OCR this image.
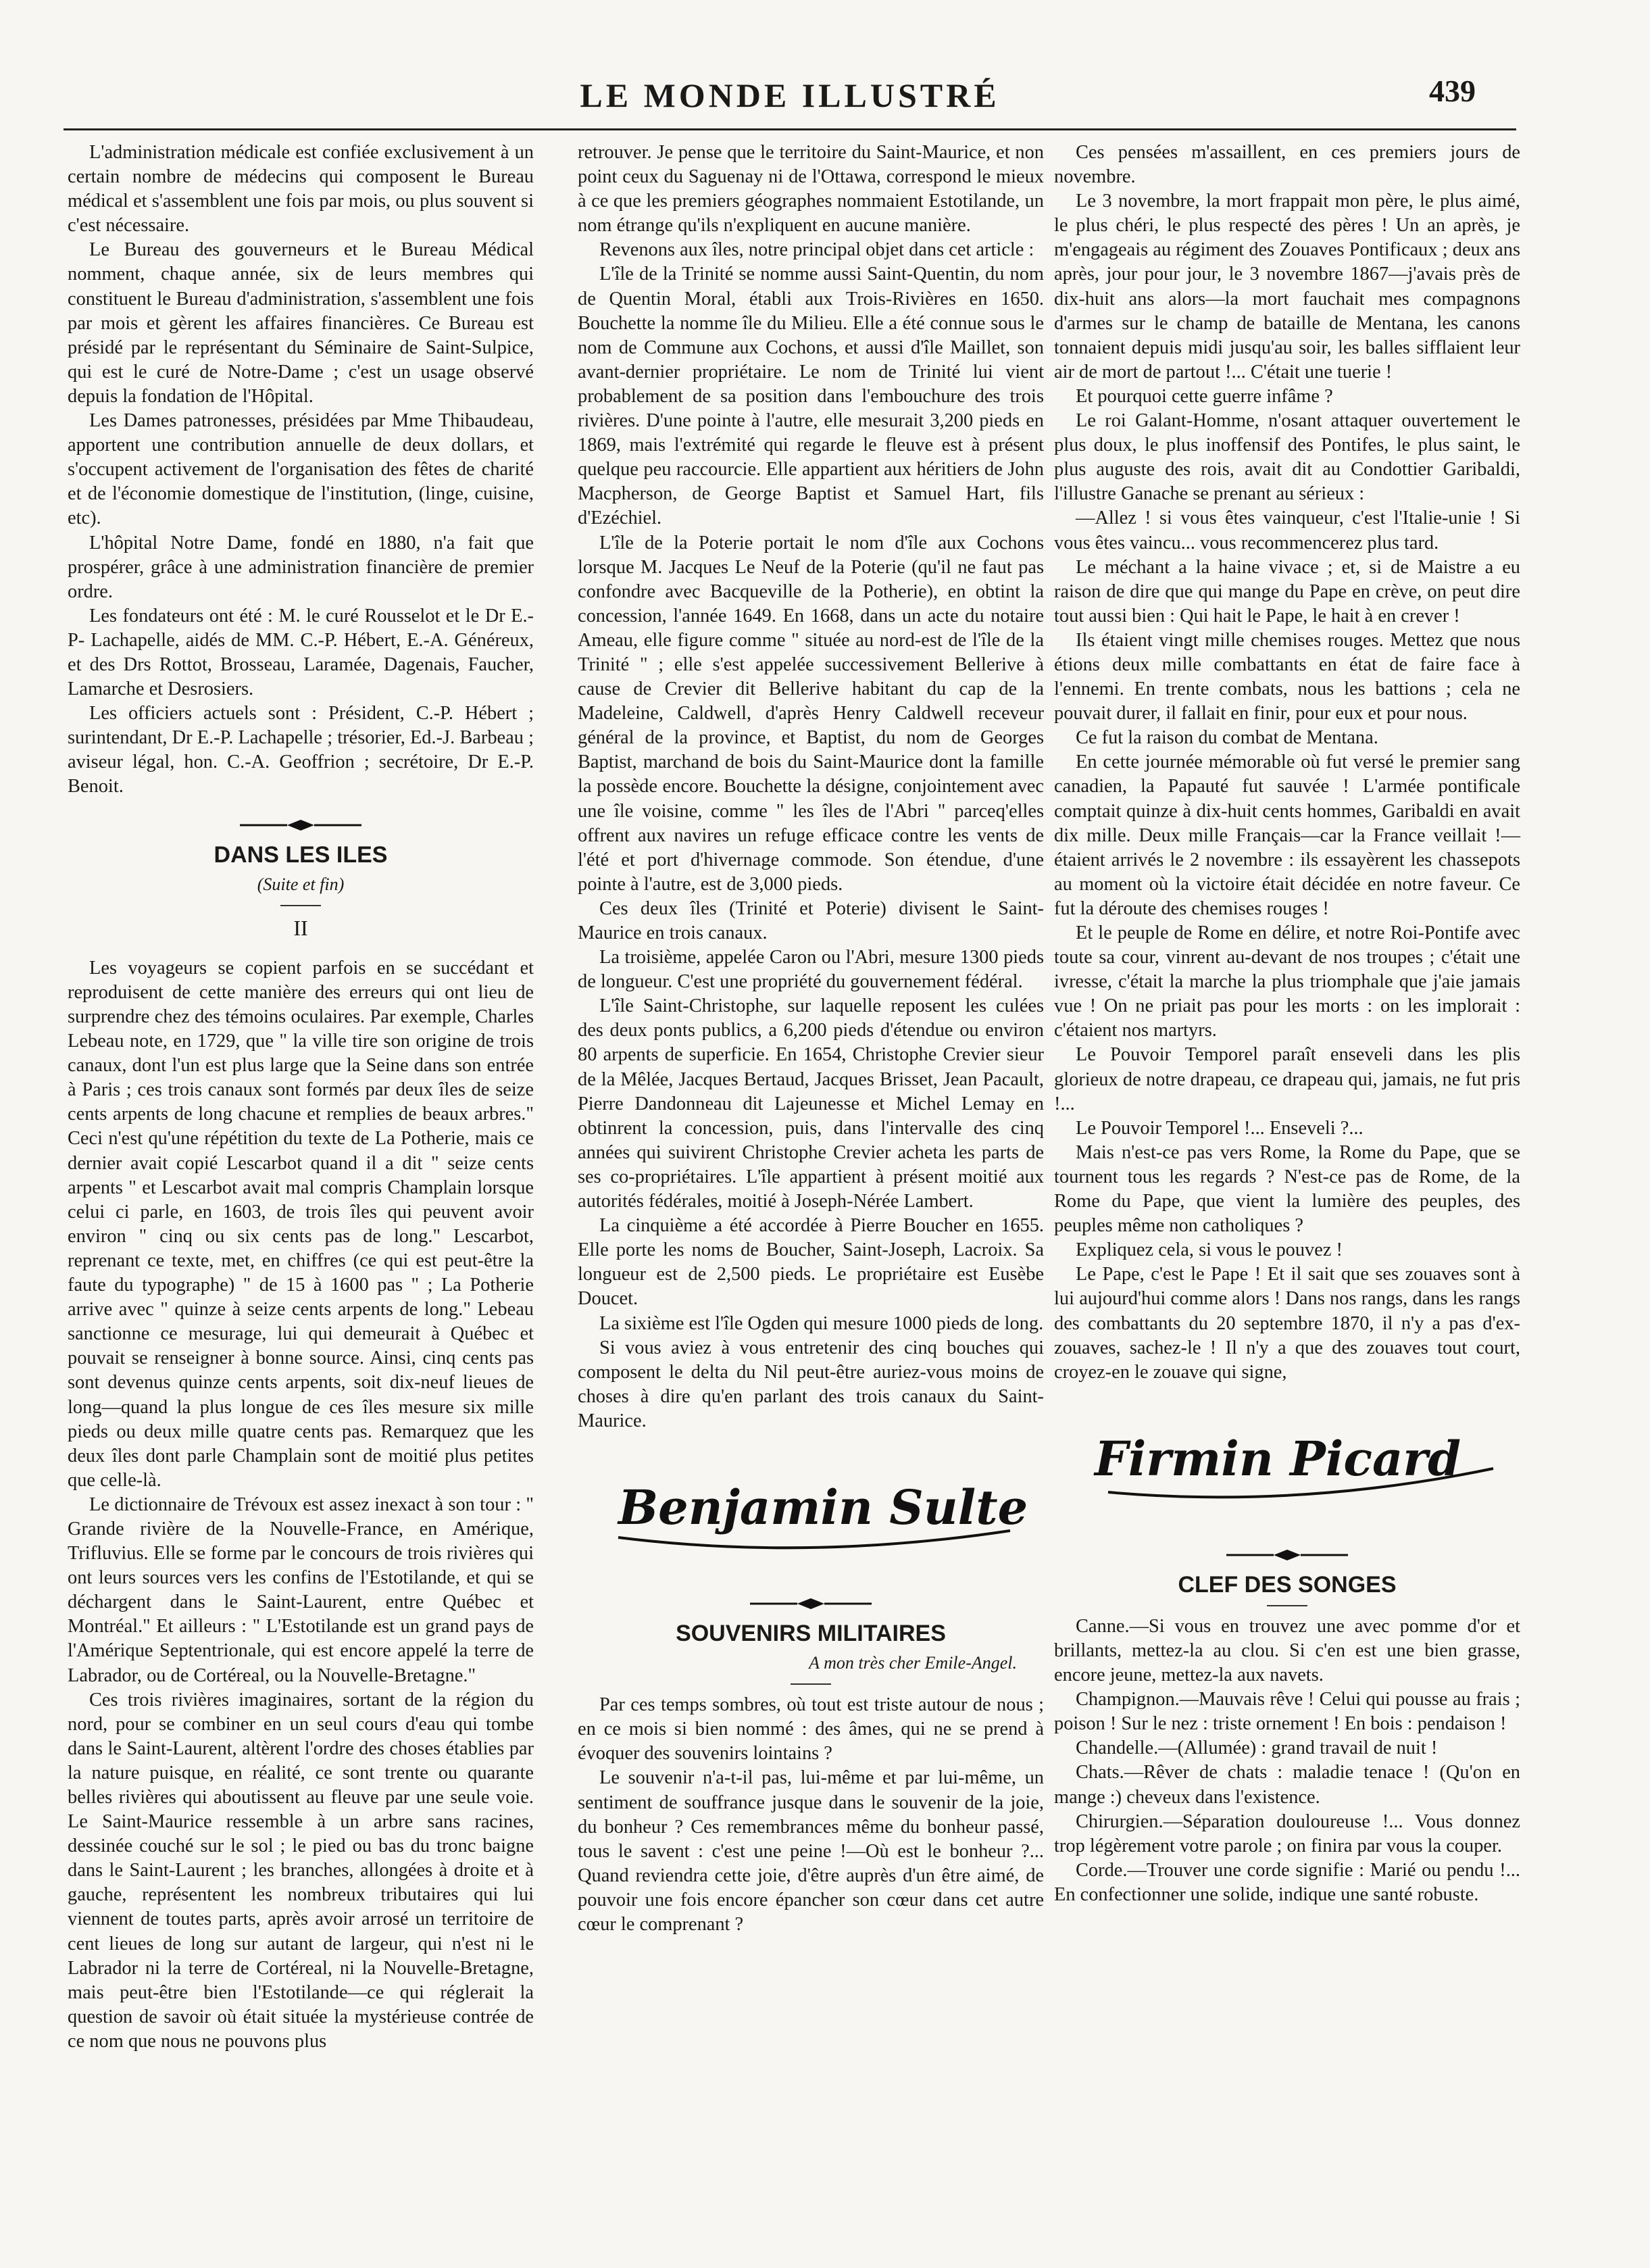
LE MONDE ILLUSTRÉ	439

L'administration médicale est confiée exclusivement à un certain nombre de médecins qui composent le Bureau médical et s'assemblent une fois par mois, ou plus souvent si c'est nécessaire.

Le Bureau des gouverneurs et le Bureau Médical nomment, chaque année, six de leurs membres qui constituent le Bureau d'administration, s'assemblent une fois par mois et gèrent les affaires financières. Ce Bureau est présidé par le représentant du Séminaire de Saint-Sulpice, qui est le curé de Notre-Dame ; c'est un usage observé depuis la fondation de l'Hôpital.

Les Dames patronesses, présidées par Mme Thibaudeau, apportent une contribution annuelle de deux dollars, et s'occupent activement de l'organisation des fêtes de charité et de l'économie domestique de l'institution, (linge, cuisine, etc).

L'hôpital Notre Dame, fondé en 1880, n'a fait que prospérer, grâce à une administration financière de premier ordre.

Les fondateurs ont été : M. le curé Rousselot et le Dr E.-P- Lachapelle, aidés de MM. C.-P. Hébert, E.-A. Généreux, et des Drs Rottot, Brosseau, Laramée, Dagenais, Faucher, Lamarche et Desrosiers.

Les officiers actuels sont : Président, C.-P. Hébert ; surintendant, Dr E.-P. Lachapelle ; trésorier, Ed.-J. Barbeau ; aviseur légal, hon. C.-A. Geoffrion ; secrétoire, Dr E.-P. Benoit.

DANS LES ILES
(Suite et fin)
II

Les voyageurs se copient parfois en se succédant et reproduisent de cette manière des erreurs qui ont lieu de surprendre chez des témoins oculaires. Par exemple, Charles Lebeau note, en 1729, que " la ville tire son origine de trois canaux, dont l'un est plus large que la Seine dans son entrée à Paris ; ces trois canaux sont formés par deux îles de seize cents arpents de long chacune et remplies de beaux arbres." Ceci n'est qu'une répétition du texte de La Potherie, mais ce dernier avait copié Lescarbot quand il a dit " seize cents arpents " et Lescarbot avait mal compris Champlain lorsque celui ci parle, en 1603, de trois îles qui peuvent avoir environ " cinq ou six cents pas de long." Lescarbot, reprenant ce texte, met, en chiffres (ce qui est peut-être la faute du typographe) " de 15 à 1600 pas " ; La Potherie arrive avec " quinze à seize cents arpents de long." Lebeau sanctionne ce mesurage, lui qui demeurait à Québec et pouvait se renseigner à bonne source. Ainsi, cinq cents pas sont devenus quinze cents arpents, soit dix-neuf lieues de long—quand la plus longue de ces îles mesure six mille pieds ou deux mille quatre cents pas. Remarquez que les deux îles dont parle Champlain sont de moitié plus petites que celle-là.

Le dictionnaire de Trévoux est assez inexact à son tour : " Grande rivière de la Nouvelle-France, en Amérique, Trifluvius. Elle se forme par le concours de trois rivières qui ont leurs sources vers les confins de l'Estotilande, et qui se déchargent dans le Saint-Laurent, entre Québec et Montréal." Et ailleurs : " L'Estotilande est un grand pays de l'Amérique Septentrionale, qui est encore appelé la terre de Labrador, ou de Cortéreal, ou la Nouvelle-Bretagne."

Ces trois rivières imaginaires, sortant de la région du nord, pour se combiner en un seul cours d'eau qui tombe dans le Saint-Laurent, altèrent l'ordre des choses établies par la nature puisque, en réalité, ce sont trente ou quarante belles rivières qui aboutissent au fleuve par une seule voie. Le Saint-Maurice ressemble à un arbre sans racines, dessinée couché sur le sol ; le pied ou bas du tronc baigne dans le Saint-Laurent ; les branches, allongées à droite et à gauche, représentent les nombreux tributaires qui lui viennent de toutes parts, après avoir arrosé un territoire de cent lieues de long sur autant de largeur, qui n'est ni le Labrador ni la terre de Cortéreal, ni la Nouvelle-Bretagne, mais peut-être bien l'Estotilande—ce qui réglerait la question de savoir où était située la mystérieuse contrée de ce nom que nous ne pouvons plus

retrouver. Je pense que le territoire du Saint-Maurice, et non point ceux du Saguenay ni de l'Ottawa, correspond le mieux à ce que les premiers géographes nommaient Estotilande, un nom étrange qu'ils n'expliquent en aucune manière.

Revenons aux îles, notre principal objet dans cet article :

L'île de la Trinité se nomme aussi Saint-Quentin, du nom de Quentin Moral, établi aux Trois-Rivières en 1650. Bouchette la nomme île du Milieu. Elle a été connue sous le nom de Commune aux Cochons, et aussi d'île Maillet, son avant-dernier propriétaire. Le nom de Trinité lui vient probablement de sa position dans l'embouchure des trois rivières. D'une pointe à l'autre, elle mesurait 3,200 pieds en 1869, mais l'extrémité qui regarde le fleuve est à présent quelque peu raccourcie. Elle appartient aux héritiers de John Macpherson, de George Baptist et Samuel Hart, fils d'Ezéchiel.

L'île de la Poterie portait le nom d'île aux Cochons lorsque M. Jacques Le Neuf de la Poterie (qu'il ne faut pas confondre avec Bacqueville de la Potherie), en obtint la concession, l'année 1649. En 1668, dans un acte du notaire Ameau, elle figure comme " située au nord-est de l'île de la Trinité " ; elle s'est appelée successivement Bellerive à cause de Crevier dit Bellerive habitant du cap de la Madeleine, Caldwell, d'après Henry Caldwell receveur général de la province, et Baptist, du nom de Georges Baptist, marchand de bois du Saint-Maurice dont la famille la possède encore. Bouchette la désigne, conjointement avec une île voisine, comme " les îles de l'Abri " parceq'elles offrent aux navires un refuge efficace contre les vents de l'été et port d'hivernage commode. Son étendue, d'une pointe à l'autre, est de 3,000 pieds.

Ces deux îles (Trinité et Poterie) divisent le Saint-Maurice en trois canaux.

La troisième, appelée Caron ou l'Abri, mesure 1300 pieds de longueur. C'est une propriété du gouvernement fédéral.

L'île Saint-Christophe, sur laquelle reposent les culées des deux ponts publics, a 6,200 pieds d'étendue ou environ 80 arpents de superficie. En 1654, Christophe Crevier sieur de la Mêlée, Jacques Bertaud, Jacques Brisset, Jean Pacault, Pierre Dandonneau dit Lajeunesse et Michel Lemay en obtinrent la concession, puis, dans l'intervalle des cinq années qui suivirent Christophe Crevier acheta les parts de ses co-propriétaires. L'île appartient à présent moitié aux autorités fédérales, moitié à Joseph-Nérée Lambert.

La cinquième a été accordée à Pierre Boucher en 1655. Elle porte les noms de Boucher, Saint-Joseph, Lacroix. Sa longueur est de 2,500 pieds. Le propriétaire est Eusèbe Doucet.

La sixième est l'île Ogden qui mesure 1000 pieds de long.

Si vous aviez à vous entretenir des cinq bouches qui composent le delta du Nil peut-être auriez-vous moins de choses à dire qu'en parlant des trois canaux du Saint-Maurice.

Benjamin Sulte
SOUVENIRS MILITAIRES
A mon très cher Emile-Angel.

Par ces temps sombres, où tout est triste autour de nous ; en ce mois si bien nommé : des âmes, qui ne se prend à évoquer des souvenirs lointains ?

Le souvenir n'a-t-il pas, lui-même et par lui-même, un sentiment de souffrance jusque dans le souvenir de la joie, du bonheur ? Ces remembrances même du bonheur passé, tous le savent : c'est une peine !—Où est le bonheur ?... Quand reviendra cette joie, d'être auprès d'un être aimé, de pouvoir une fois encore épancher son cœur dans cet autre cœur le comprenant ?

Ces pensées m'assaillent, en ces premiers jours de novembre.

Le 3 novembre, la mort frappait mon père, le plus aimé, le plus chéri, le plus respecté des pères ! Un an après, je m'engageais au régiment des Zouaves Pontificaux ; deux ans après, jour pour jour, le 3 novembre 1867—j'avais près de dix-huit ans alors—la mort fauchait mes compagnons d'armes sur le champ de bataille de Mentana, les canons tonnaient depuis midi jusqu'au soir, les balles sifflaient leur air de mort de partout !... C'était une tuerie !

Et pourquoi cette guerre infâme ?

Le roi Galant-Homme, n'osant attaquer ouvertement le plus doux, le plus inoffensif des Pontifes, le plus saint, le plus auguste des rois, avait dit au Condottier Garibaldi, l'illustre Ganache se prenant au sérieux :

—Allez ! si vous êtes vainqueur, c'est l'Italie-unie ! Si vous êtes vaincu... vous recommencerez plus tard.

Le méchant a la haine vivace ; et, si de Maistre a eu raison de dire que qui mange du Pape en crève, on peut dire tout aussi bien : Qui hait le Pape, le hait à en crever !

Ils étaient vingt mille chemises rouges. Mettez que nous étions deux mille combattants en état de faire face à l'ennemi. En trente combats, nous les battions ; cela ne pouvait durer, il fallait en finir, pour eux et pour nous.

Ce fut la raison du combat de Mentana.

En cette journée mémorable où fut versé le premier sang canadien, la Papauté fut sauvée ! L'armée pontificale comptait quinze à dix-huit cents hommes, Garibaldi en avait dix mille. Deux mille Français—car la France veillait !—étaient arrivés le 2 novembre : ils essayèrent les chassepots au moment où la victoire était décidée en notre faveur. Ce fut la déroute des chemises rouges !

Et le peuple de Rome en délire, et notre Roi-Pontife avec toute sa cour, vinrent au-devant de nos troupes ; c'était une ivresse, c'était la marche la plus triomphale que j'aie jamais vue ! On ne priait pas pour les morts : on les implorait : c'étaient nos martyrs.

Le Pouvoir Temporel paraît enseveli dans les plis glorieux de notre drapeau, ce drapeau qui, jamais, ne fut pris !...

Le Pouvoir Temporel !... Enseveli ?...

Mais n'est-ce pas vers Rome, la Rome du Pape, que se tournent tous les regards ? N'est-ce pas de Rome, de la Rome du Pape, que vient la lumière des peuples, des peuples même non catholiques ?

Expliquez cela, si vous le pouvez !

Le Pape, c'est le Pape ! Et il sait que ses zouaves sont à lui aujourd'hui comme alors ! Dans nos rangs, dans les rangs des combattants du 20 septembre 1870, il n'y a pas d'ex-zouaves, sachez-le ! Il n'y a que des zouaves tout court, croyez-en le zouave qui signe,

Firmin Picard
CLEF DES SONGES

Canne.—Si vous en trouvez une avec pomme d'or et brillants, mettez-la au clou. Si c'en est une bien grasse, encore jeune, mettez-la aux navets.

Champignon.—Mauvais rêve ! Celui qui pousse au frais ; poison ! Sur le nez : triste ornement ! En bois : pendaison !

Chandelle.—(Allumée) : grand travail de nuit !

Chats.—Rêver de chats : maladie tenace ! (Qu'on en mange :) cheveux dans l'existence.

Chirurgien.—Séparation douloureuse !... Vous donnez trop légèrement votre parole ; on finira par vous la couper.

Corde.—Trouver une corde signifie : Marié ou pendu !... En confectionner une solide, indique une santé robuste.
